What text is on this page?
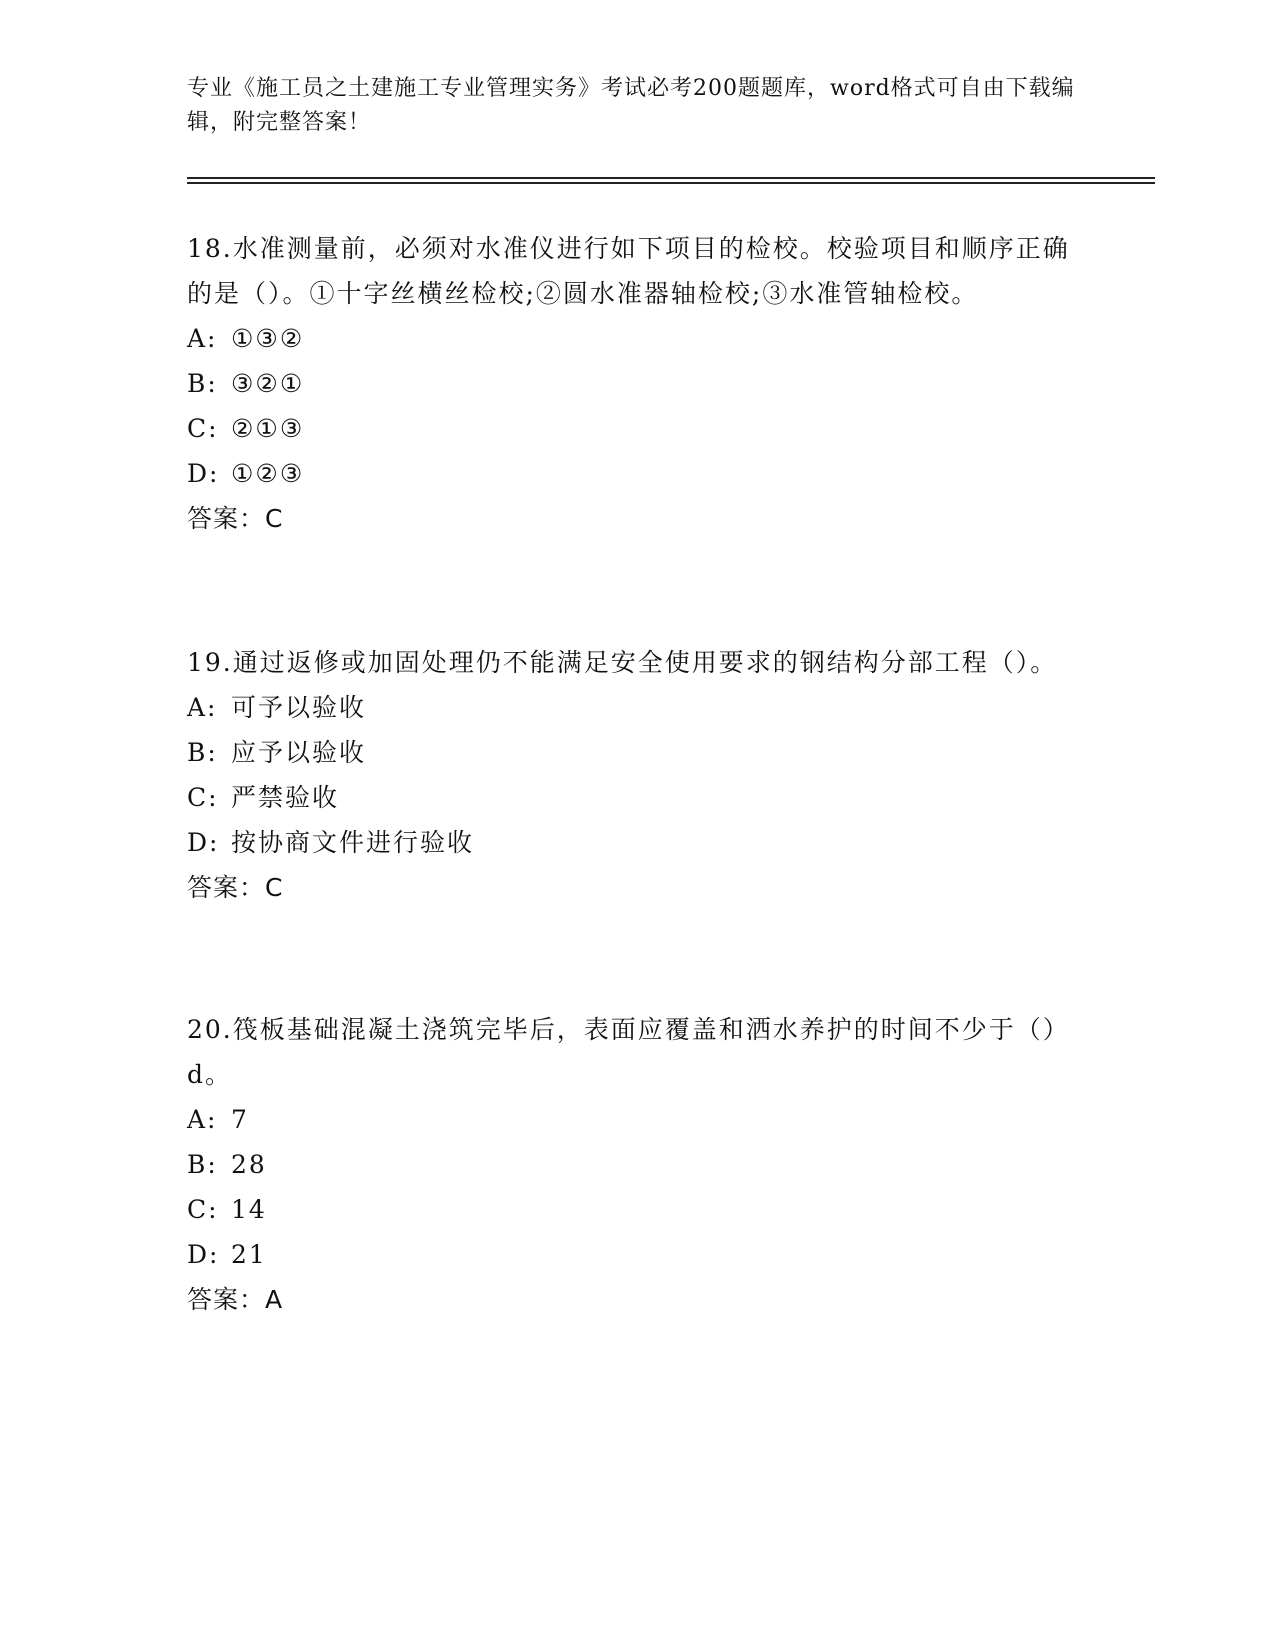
专业《施工员之土建施工专业管理实务》考试必考200题题库，word格式可自由下载编辑，附完整答案！

18.水准测量前，必须对水准仪进行如下项目的检校。校验项目和顺序正确的是（）。①十字丝横丝检校;②圆水准器轴检校;③水准管轴检校。

A: ①③②
B: ③②①
C: ②①③
D: ①②③

答案：C

19.通过返修或加固处理仍不能满足安全使用要求的钢结构分部工程（）。

A: 可予以验收
B: 应予以验收
C: 严禁验收
D: 按协商文件进行验收

答案：C

20.筏板基础混凝土浇筑完毕后，表面应覆盖和洒水养护的时间不少于（）d。

A: 7
B: 28
C: 14
D: 21

答案：A
